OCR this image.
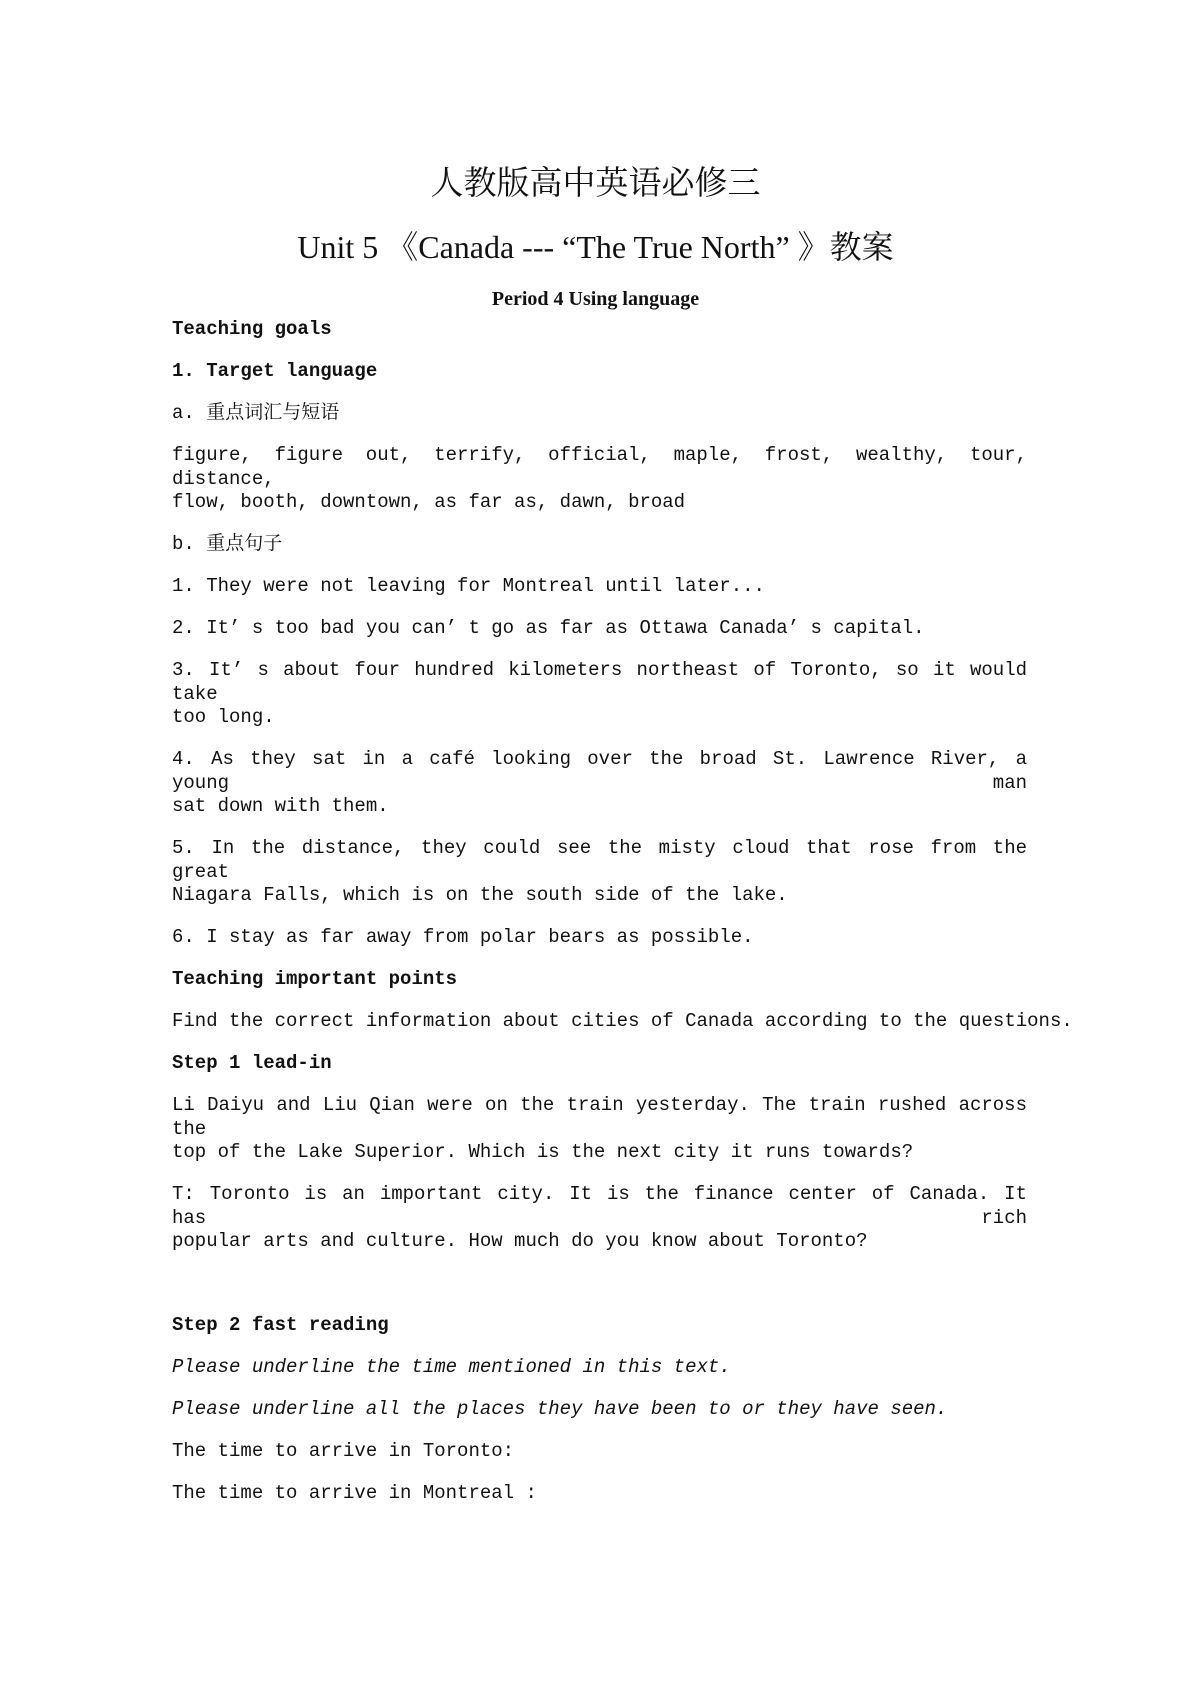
人教版高中英语必修三
Unit 5 《Canada --- “The True North” 》教案
Period 4 Using language
Teaching goals
1. Target language
a. 重点词汇与短语
figure, figure out, terrify, official, maple, frost, wealthy, tour, distance,
flow, booth, downtown, as far as, dawn, broad
b. 重点句子
1. They were not leaving for Montreal until later...
2. It’ s too bad you can’ t go as far as Ottawa Canada’ s capital.
3. It’ s about four hundred kilometers northeast of Toronto, so it would take
too long.
4. As they sat in a café looking over the broad St. Lawrence River, a young man
sat down with them.
5. In the distance, they could see the misty cloud that rose from the great
Niagara Falls, which is on the south side of the lake.
6. I stay as far away from polar bears as possible.
Teaching important points
Find the correct information about cities of Canada according to the questions.
Step 1 lead-in
Li Daiyu and Liu Qian were on the train yesterday. The train rushed across the
top of the Lake Superior. Which is the next city it runs towards?
T: Toronto is an important city. It is the finance center of Canada. It has rich
popular arts and culture. How much do you know about Toronto?
Step 2 fast reading
Please underline the time mentioned in this text.
Please underline all the places they have been to or they have seen.
The time to arrive in Toronto:
The time to arrive in Montreal :
